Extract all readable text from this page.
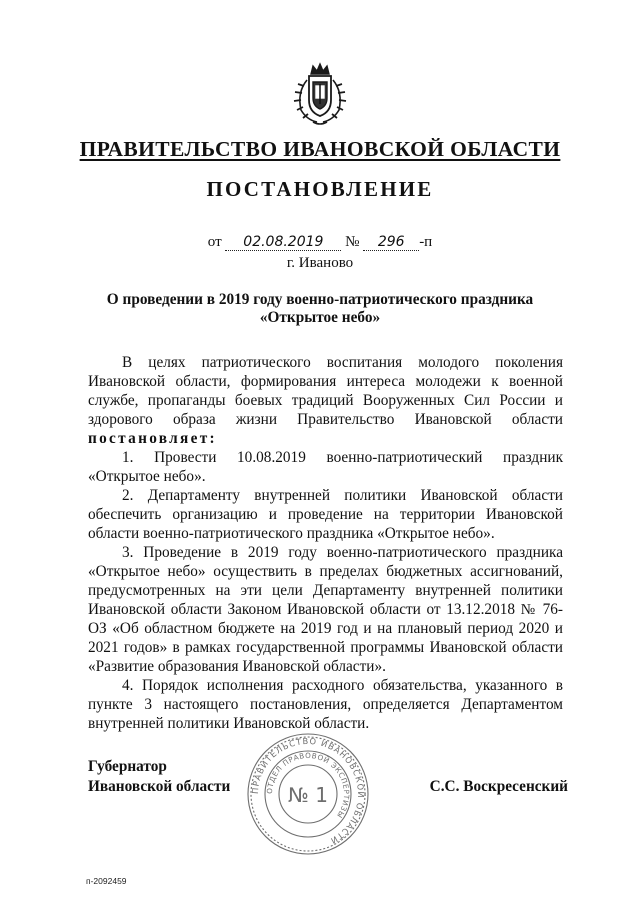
ПРАВИТЕЛЬСТВО ИВАНОВСКОЙ ОБЛАСТИ
ПОСТАНОВЛЕНИЕ
от 02.08.2019 № 296 -п
г. Иваново
О проведении в 2019 году военно-патриотического праздника
«Открытое небо»

В целях патриотического воспитания молодого поколения Ивановской области, формирования интереса молодежи к военной службе, пропаганды боевых традиций Вооруженных Сил России и здорового образа жизни Правительство Ивановской области постановляет:

1. Провести 10.08.2019 военно-патриотический праздник «Открытое небо».

2. Департаменту внутренней политики Ивановской области обеспечить организацию и проведение на территории Ивановской области военно-патриотического праздника «Открытое небо».

3. Проведение в 2019 году военно-патриотического праздника «Открытое небо» осуществить в пределах бюджетных ассигнований, предусмотренных на эти цели Департаменту внутренней политики Ивановской области Законом Ивановской области от 13.12.2018 № 76-ОЗ «Об областном бюджете на 2019 год и на плановый период 2020 и 2021 годов» в рамках государственной программы Ивановской области «Развитие образования Ивановской области».

4. Порядок исполнения расходного обязательства, указанного в пункте 3 настоящего постановления, определяется Департаментом внутренней политики Ивановской области.

ПРАВИТЕЛЬСТВО ИВАНОВСКОЙ ОБЛАСТИ
ОТДЕЛ ПРАВОВОЙ ЭКСПЕРТИЗЫ
№ 1
Губернатор
Ивановской области	С.С. Воскресенский
п-2092459
